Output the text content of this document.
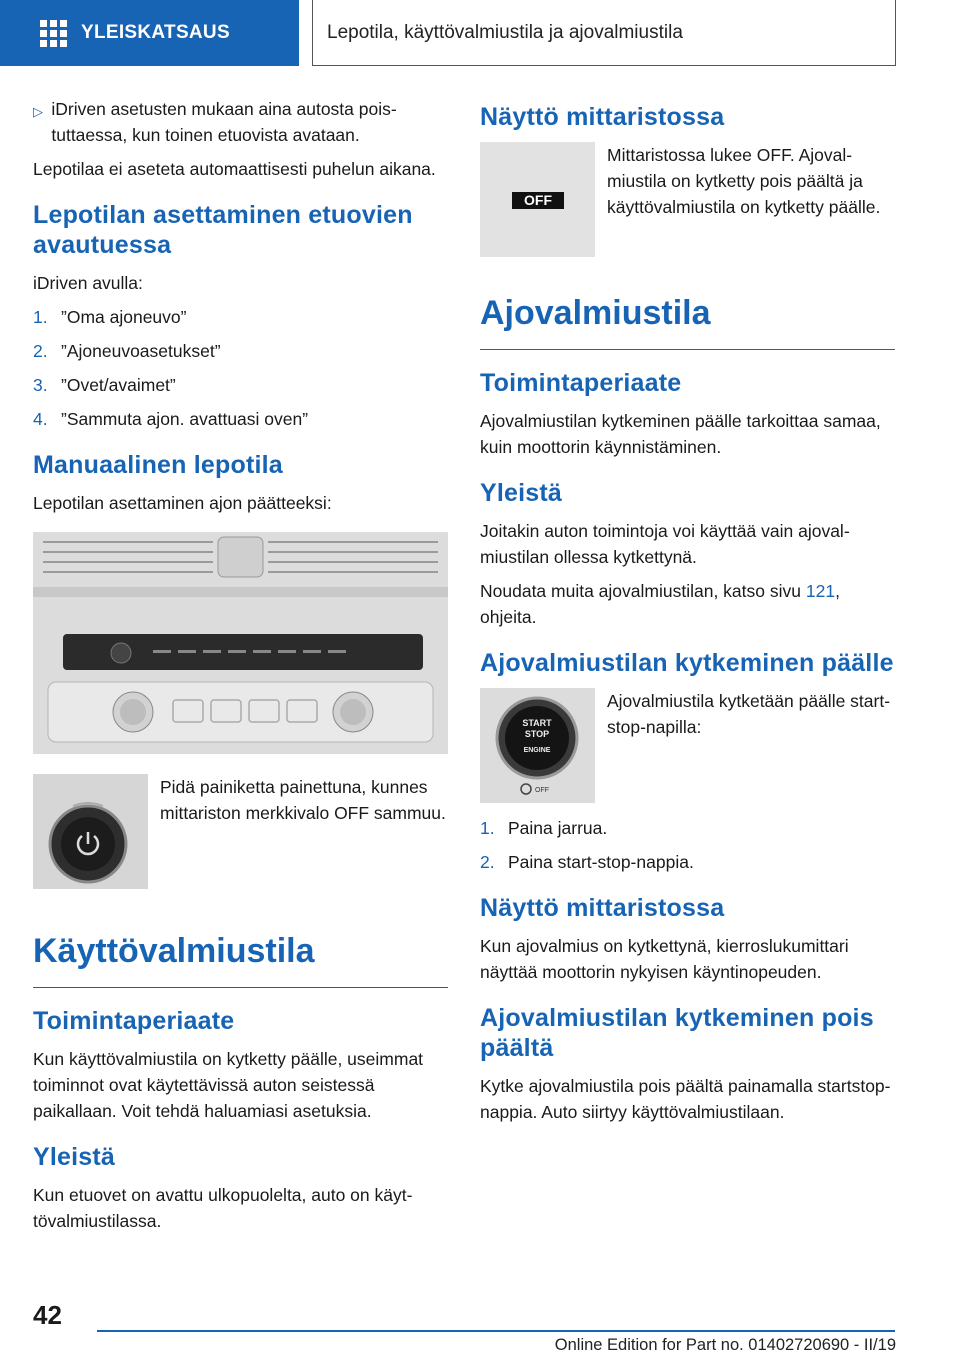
YLEISKATSAUS	Lepotila, käyttövalmiustila ja ajovalmiustila
▷ iDriven asetusten mukaan aina autosta poistuttaessa, kun toinen etuovista avataan.

Lepotilaa ei aseteta automaattisesti puhelun aikana.

Lepotilan asettaminen etuovien avautuessa

iDriven avulla:

1. ”Oma ajoneuvo”
2. ”Ajoneuvoasetukset”
3. ”Ovet/avaimet”
4. ”Sammuta ajon. avattuasi oven”
Manuaalinen lepotila

Lepotilan asettaminen ajon päätteeksi:

Pidä painiketta painettuna, kunnes mittariston merkkivalo OFF sammuu.
Käyttövalmiustila
Toimintaperiaate

Kun käyttövalmiustila on kytketty päälle, useimmat toiminnot ovat käytettävissä auton seistessä paikallaan. Voit tehdä haluamiasi asetuksia.

Yleistä

Kun etuovet on avattu ulkopuolelta, auto on käyttövalmiustilassa.

Näyttö mittaristossa
OFF
Mittaristossa lukee OFF. Ajovalmiustila on kytketty pois päältä ja käyttövalmiustila on kytketty päälle.
Ajovalmiustila
Toimintaperiaate

Ajovalmiustilan kytkeminen päälle tarkoittaa samaa, kuin moottorin käynnistäminen.

Yleistä

Joitakin auton toimintoja voi käyttää vain ajovalmiustilan ollessa kytkettynä.

Noudata muita ajovalmiustilan, katso sivu 121, ohjeita.

Ajovalmiustilan kytkeminen päälle
START
STOP
ENGINE
OFF
Ajovalmiustila kytketään päälle start-stop-napilla:
1. Paina jarrua.
2. Paina start-stop-nappia.
Näyttö mittaristossa

Kun ajovalmius on kytkettynä, kierroslukumittari näyttää moottorin nykyisen käyntinopeuden.

Ajovalmiustilan kytkeminen pois päältä

Kytke ajovalmiustila pois päältä painamalla startstop-nappia. Auto siirtyy käyttövalmiustilaan.

42
Online Edition for Part no. 01402720690 - II/19
